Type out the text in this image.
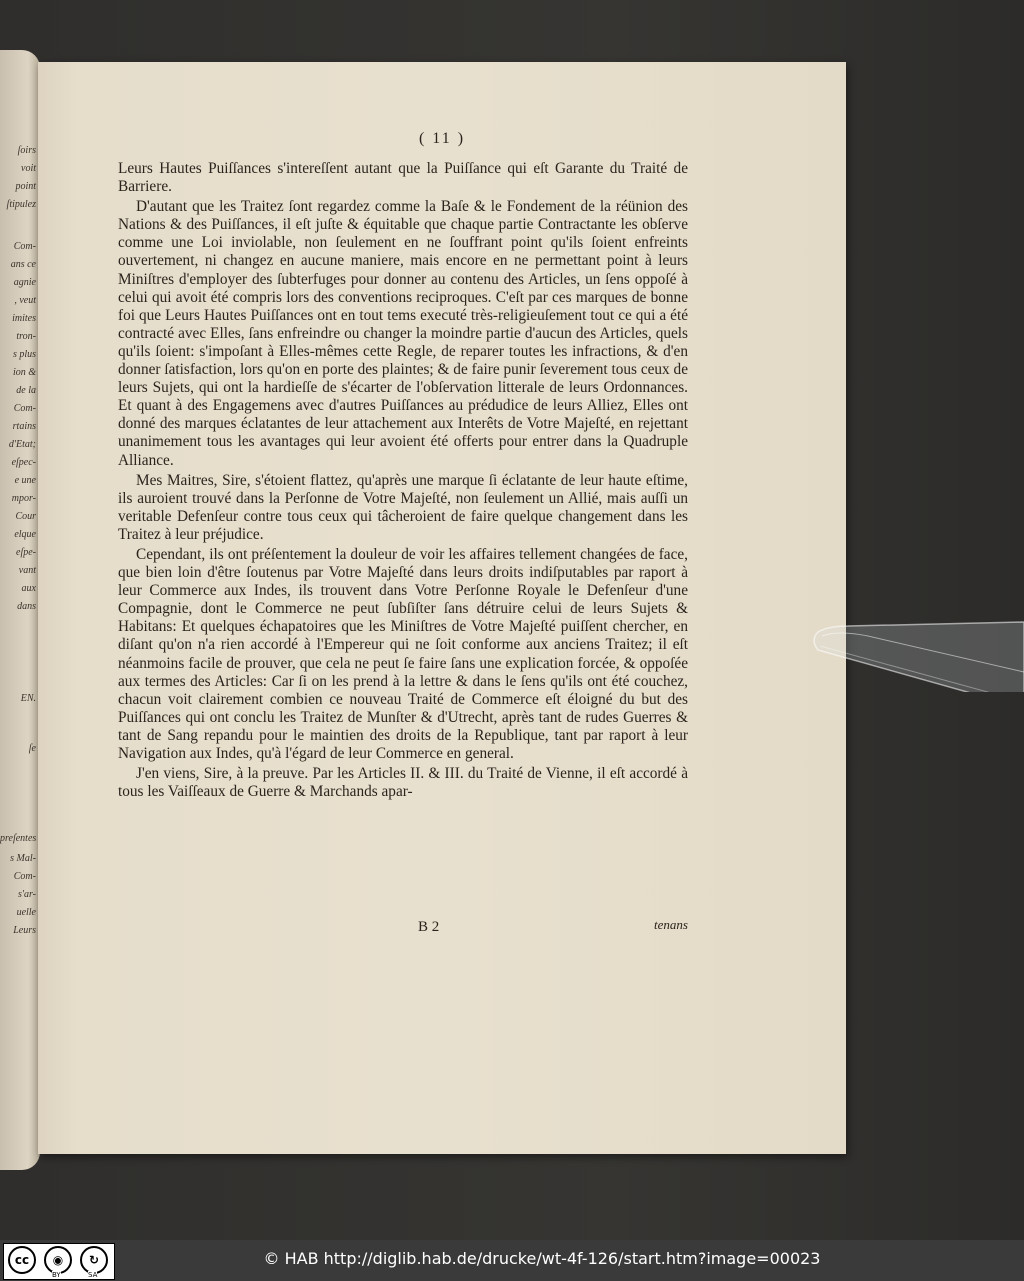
ſoirs
voit
point
ſtipulez
Com-
ans ce
agnie
, veut
imites
tron-
s plus
ion &
de la
Com-
rtains
d'Etat;
eſpec-
e une
mpor-
Cour
elque
eſpe-
vant
aux
dans
EN.
ſe
preſentes
s Mal-
Com-
s'ar-
uelle
Leurs
( 11 )

Leurs Hautes Puiſſances s'intereſſent autant que la Puiſſance qui eſt Garante du Traité de Barriere.

D'autant que les Traitez ſont regardez comme la Baſe & le Fondement de la réünion des Nations & des Puiſſances, il eſt juſte & équitable que chaque partie Contractante les obſerve comme une Loi inviolable, non ſeulement en ne ſouffrant point qu'ils ſoient enfreints ouvertement, ni changez en aucune maniere, mais encore en ne permettant point à leurs Miniſtres d'employer des ſubterfuges pour donner au contenu des Articles, un ſens oppoſé à celui qui avoit été compris lors des conventions reciproques. C'eſt par ces marques de bonne foi que Leurs Hautes Puiſſances ont en tout tems executé très-religieuſement tout ce qui a été contracté avec Elles, ſans enfreindre ou changer la moindre partie d'aucun des Articles, quels qu'ils ſoient: s'impoſant à Elles-mêmes cette Regle, de reparer toutes les infractions, & d'en donner ſatisfaction, lors qu'on en porte des plaintes; & de faire punir ſeverement tous ceux de leurs Sujets, qui ont la hardieſſe de s'écarter de l'obſervation litterale de leurs Ordonnances. Et quant à des Engagemens avec d'autres Puiſſances au prédudice de leurs Alliez, Elles ont donné des marques éclatantes de leur attachement aux Interêts de Votre Majeſté, en rejettant unanimement tous les avantages qui leur avoient été offerts pour entrer dans la Quadruple Alliance.

Mes Maitres, Sire, s'étoient flattez, qu'après une marque ſi éclatante de leur haute eſtime, ils auroient trouvé dans la Perſonne de Votre Majeſté, non ſeulement un Allié, mais auſſi un veritable Defenſeur contre tous ceux qui tâcheroient de faire quelque changement dans les Traitez à leur préjudice.

Cependant, ils ont préſentement la douleur de voir les affaires tellement changées de face, que bien loin d'être ſoutenus par Votre Majeſté dans leurs droits indiſputables par raport à leur Commerce aux Indes, ils trouvent dans Votre Perſonne Royale le Defenſeur d'une Compagnie, dont le Commerce ne peut ſubſiſter ſans détruire celui de leurs Sujets & Habitans: Et quelques échapatoires que les Miniſtres de Votre Majeſté puiſſent chercher, en diſant qu'on n'a rien accordé à l'Empereur qui ne ſoit conforme aux anciens Traitez; il eſt néanmoins facile de prouver, que cela ne peut ſe faire ſans une explication forcée, & oppoſée aux termes des Articles: Car ſi on les prend à la lettre & dans le ſens qu'ils ont été couchez, chacun voit clairement combien ce nouveau Traité de Commerce eſt éloigné du but des Puiſſances qui ont conclu les Traitez de Munſter & d'Utrecht, après tant de rudes Guerres & tant de Sang repandu pour le maintien des droits de la Republique, tant par raport à leur Navigation aux Indes, qu'à l'égard de leur Commerce en general.

J'en viens, Sire, à la preuve. Par les Articles II. & III. du Traité de Vienne, il eſt accordé à tous les Vaiſſeaux de Guerre & Marchands apar-

B 2	tenans
cc	◉	↻
BY	SA
© HAB http://diglib.hab.de/drucke/wt-4f-126/start.htm?image=00023
